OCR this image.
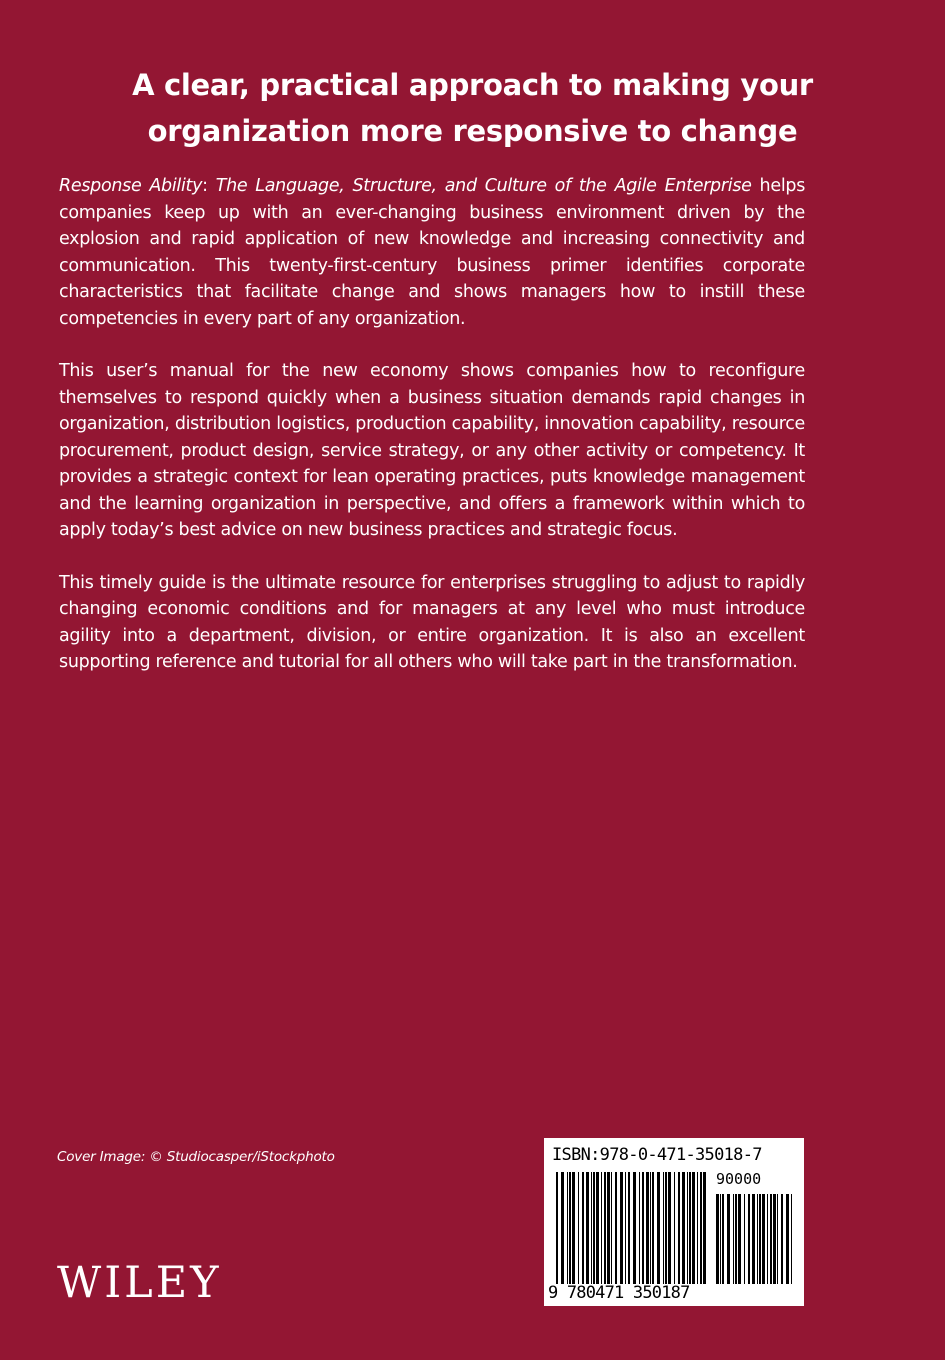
A clear, practical approach to making your
organization more responsive to change

Response Ability: The Language, Structure, and Culture of the Agile Enterprise helps companies keep up with an ever-changing business environment driven by the explosion and rapid application of new knowledge and increasing connectivity and communication. This twenty-first-century business primer identifies corporate characteristics that facilitate change and shows managers how to instill these competencies in every part of any organization.

This user’s manual for the new economy shows companies how to reconfigure themselves to respond quickly when a business situation demands rapid changes in organization, distribution logistics, production capability, innovation capability, resource procurement, product design, service strategy, or any other activity or competency. It provides a strategic context for lean operating practices, puts knowledge management and the learning organization in perspective, and offers a framework within which to apply today’s best advice on new business practices and strategic focus.

This timely guide is the ultimate resource for enterprises struggling to adjust to rapidly changing economic conditions and for managers at any level who must introduce agility into a department, division, or entire organization. It is also an excellent supporting reference and tutorial for all others who will take part in the transformation.

Cover Image: © Studiocasper/iStockphoto
WILEY
ISBN:978-0-471-35018-7
90000
9 780471 350187
